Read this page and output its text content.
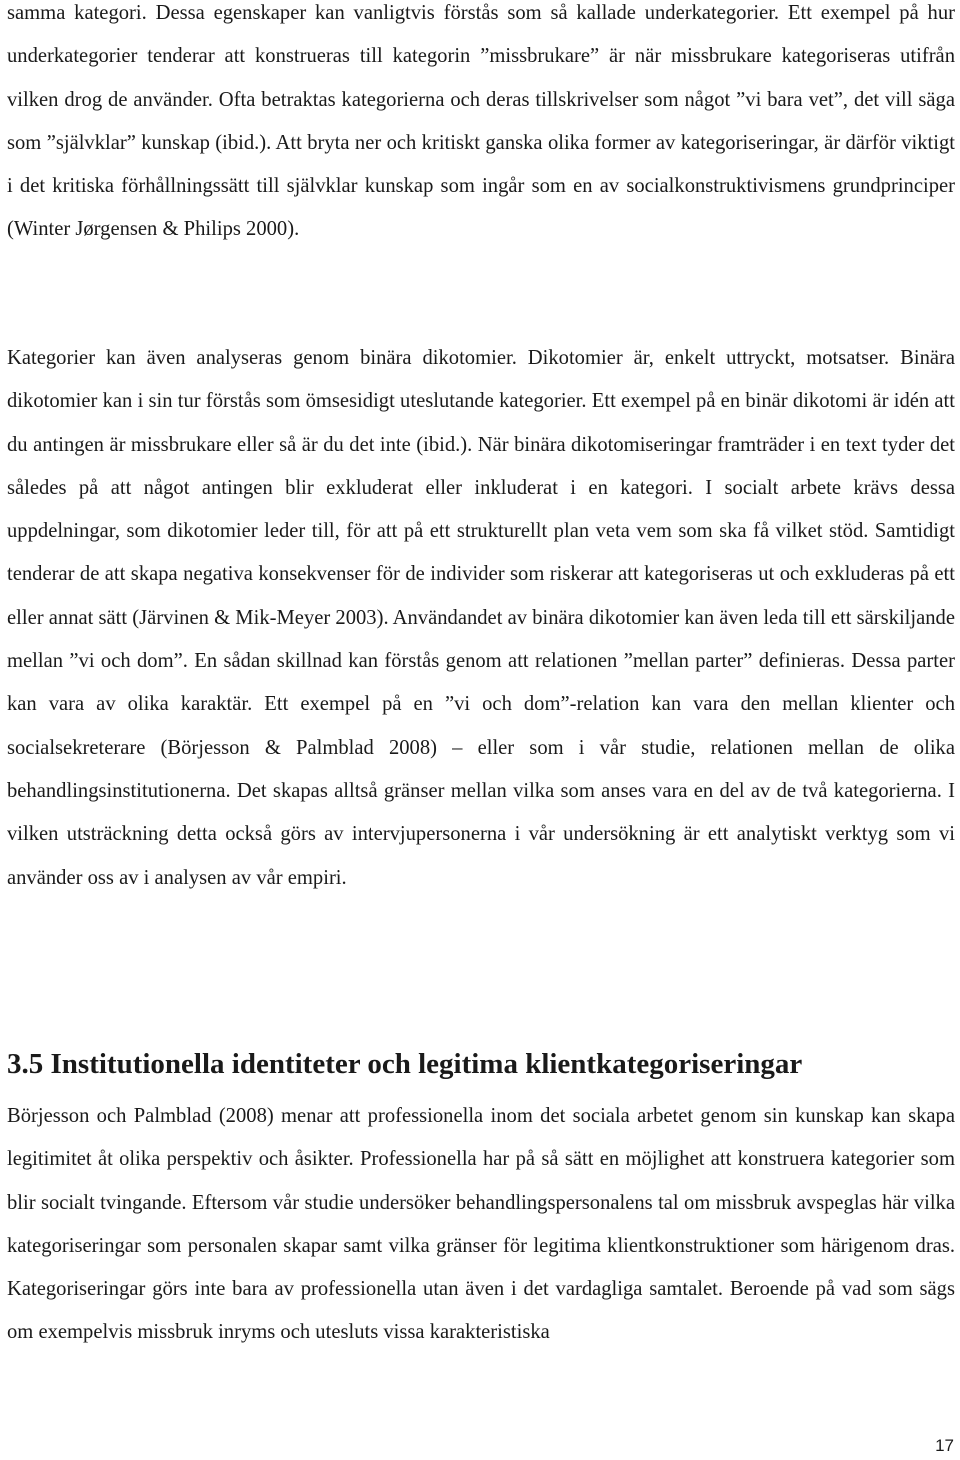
samma kategori. Dessa egenskaper kan vanligtvis förstås som så kallade underkategorier. Ett exempel på hur underkategorier tenderar att konstrueras till kategorin ”missbrukare” är när missbrukare kategoriseras utifrån vilken drog de använder. Ofta betraktas kategorierna och deras tillskrivelser som något ”vi bara vet”, det vill säga som ”självklar” kunskap (ibid.). Att bryta ner och kritiskt ganska olika former av kategoriseringar, är därför viktigt i det kritiska förhållningssätt till självklar kunskap som ingår som en av socialkonstruktivismens grundprinciper (Winter Jørgensen & Philips 2000).

Kategorier kan även analyseras genom binära dikotomier. Dikotomier är, enkelt uttryckt, motsatser. Binära dikotomier kan i sin tur förstås som ömsesidigt uteslutande kategorier. Ett exempel på en binär dikotomi är idén att du antingen är missbrukare eller så är du det inte (ibid.). När binära dikotomiseringar framträder i en text tyder det således på att något antingen blir exkluderat eller inkluderat i en kategori. I socialt arbete krävs dessa uppdelningar, som dikotomier leder till, för att på ett strukturellt plan veta vem som ska få vilket stöd. Samtidigt tenderar de att skapa negativa konsekvenser för de individer som riskerar att kategoriseras ut och exkluderas på ett eller annat sätt (Järvinen & Mik-Meyer 2003). Användandet av binära dikotomier kan även leda till ett särskiljande mellan ”vi och dom”. En sådan skillnad kan förstås genom att relationen ”mellan parter” definieras. Dessa parter kan vara av olika karaktär. Ett exempel på en ”vi och dom”-relation kan vara den mellan klienter och socialsekreterare (Börjesson & Palmblad 2008) – eller som i vår studie, relationen mellan de olika behandlingsinstitutionerna. Det skapas alltså gränser mellan vilka som anses vara en del av de två kategorierna. I vilken utsträckning detta också görs av intervjupersonerna i vår undersökning är ett analytiskt verktyg som vi använder oss av i analysen av vår empiri.

3.5 Institutionella identiteter och legitima klientkategoriseringar

Börjesson och Palmblad (2008) menar att professionella inom det sociala arbetet genom sin kunskap kan skapa legitimitet åt olika perspektiv och åsikter. Professionella har på så sätt en möjlighet att konstruera kategorier som blir socialt tvingande. Eftersom vår studie undersöker behandlingspersonalens tal om missbruk avspeglas här vilka kategoriseringar som personalen skapar samt vilka gränser för legitima klientkonstruktioner som härigenom dras. Kategoriseringar görs inte bara av professionella utan även i det vardagliga samtalet. Beroende på vad som sägs om exempelvis missbruk inryms och utesluts vissa karakteristiska

17
